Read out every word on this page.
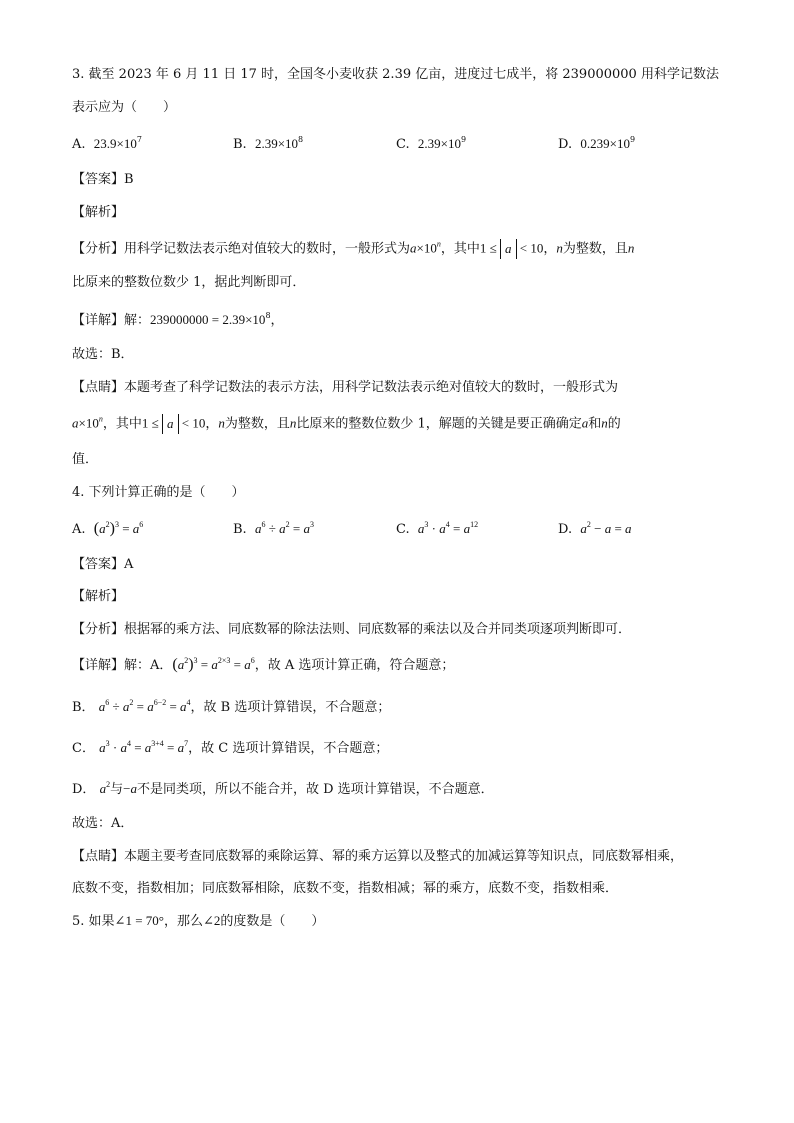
3. 截至 2023 年 6 月 11 日 17 时，全国冬小麦收获 2.39 亿亩，进度过七成半，将 239000000 用科学记数法
表示应为（　　）
A. $23.9\times 10^7$	B. $2.39\times 10^8$	C. $2.39\times 10^9$	D. $0.239\times 10^9$
【答案】B
【解析】
【分析】用科学记数法表示绝对值较大的数时，一般形式为$a\times 10^n$，其中1 ≤ a < 10，n为整数，且n
比原来的整数位数少 1，据此判断即可．
【详解】解：$239000000 = 2.39\times 10^8$，
故选：B．
【点睛】本题考查了科学记数法的表示方法，用科学记数法表示绝对值较大的数时，一般形式为
$a\times 10^n$，其中1 ≤ a < 10，n为整数，且n比原来的整数位数少 1，解题的关键是要正确确定a和n的
值．
4. 下列计算正确的是（　　）
A. $(a^2)^3 = a^6$	B. $a^6 \div a^2 = a^3$	C. $a^3 \cdot a^4 = a^{12}$	D. $a^2 - a = a$
【答案】A
【解析】
【分析】根据幂的乘方法、同底数幂的除法法则、同底数幂的乘法以及合并同类项逐项判断即可．
【详解】解：A．$(a^2)^3 = a^{2\times 3} = a^6$，故 A 选项计算正确，符合题意；
B． $a^6 \div a^2 = a^{6-2} = a^4$，故 B 选项计算错误，不合题意；
C． $a^3 \cdot a^4 = a^{3+4} = a^7$，故 C 选项计算错误，不合题意；
D． $a^2$与−a不是同类项，所以不能合并，故 D 选项计算错误，不合题意．
故选：A．
【点睛】本题主要考查同底数幂的乘除运算、幂的乘方运算以及整式的加减运算等知识点，同底数幂相乘，
底数不变，指数相加；同底数幂相除，底数不变，指数相减；幂的乘方，底数不变，指数相乘．
5. 如果∠1 = 70°，那么∠2的度数是（　　）
